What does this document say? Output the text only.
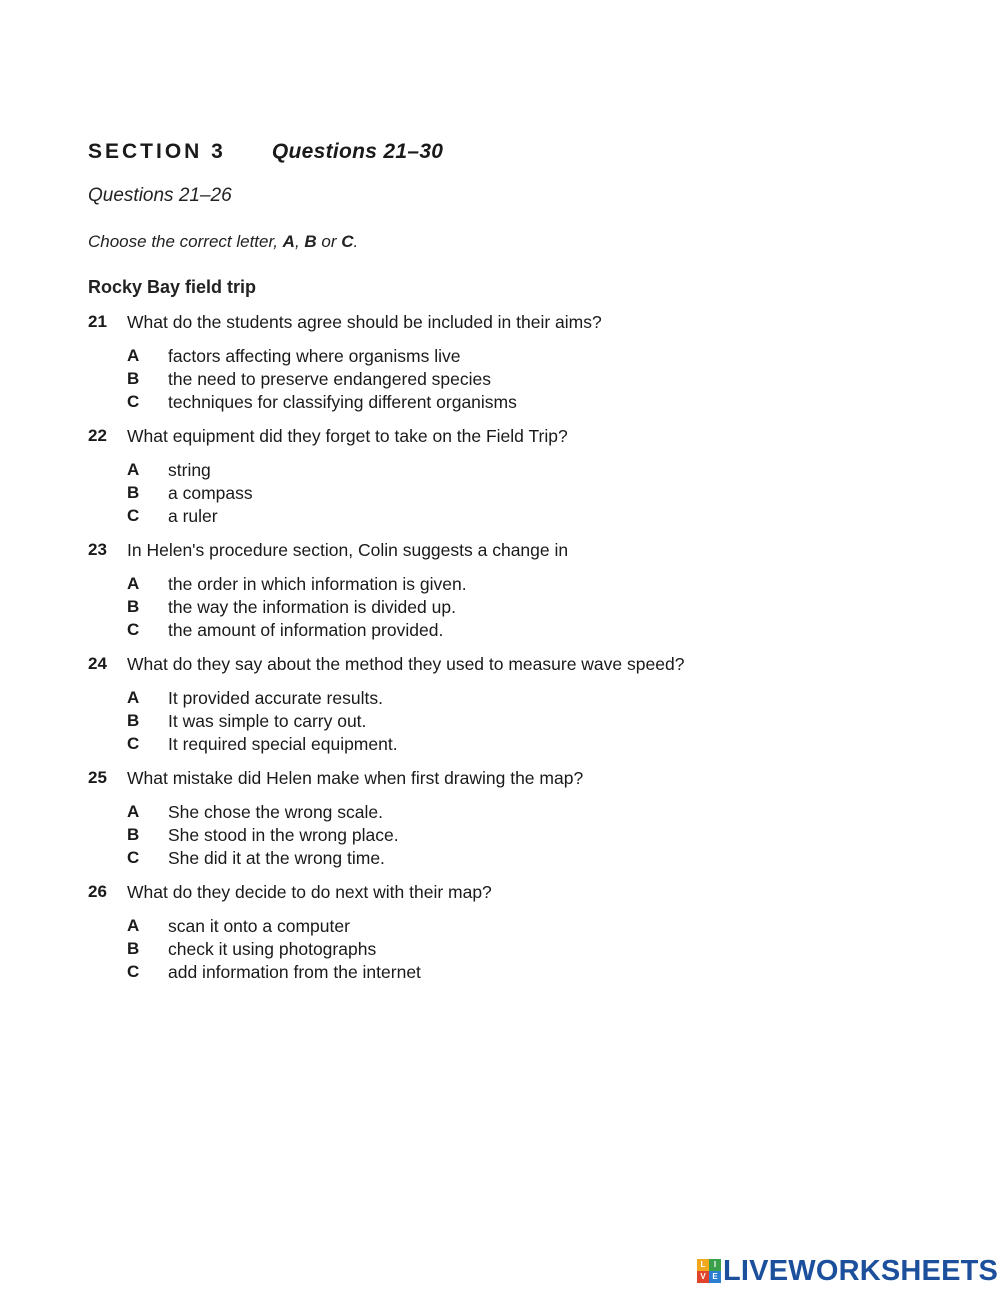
SECTION 3 Questions 21–30
Questions 21–26
Choose the correct letter, A, B or C.
Rocky Bay field trip
21 What do the students agree should be included in their aims?
A factors affecting where organisms live
B the need to preserve endangered species
C techniques for classifying different organisms
22 What equipment did they forget to take on the Field Trip?
A string
B a compass
C a ruler
23 In Helen's procedure section, Colin suggests a change in
A the order in which information is given.
B the way the information is divided up.
C the amount of information provided.
24 What do they say about the method they used to measure wave speed?
A It provided accurate results.
B It was simple to carry out.
C It required special equipment.
25 What mistake did Helen make when first drawing the map?
A She chose the wrong scale.
B She stood in the wrong place.
C She did it at the wrong time.
26 What do they decide to do next with their map?
A scan it onto a computer
B check it using photographs
C add information from the internet
L	I
V E LIVEWORKSHEETS
